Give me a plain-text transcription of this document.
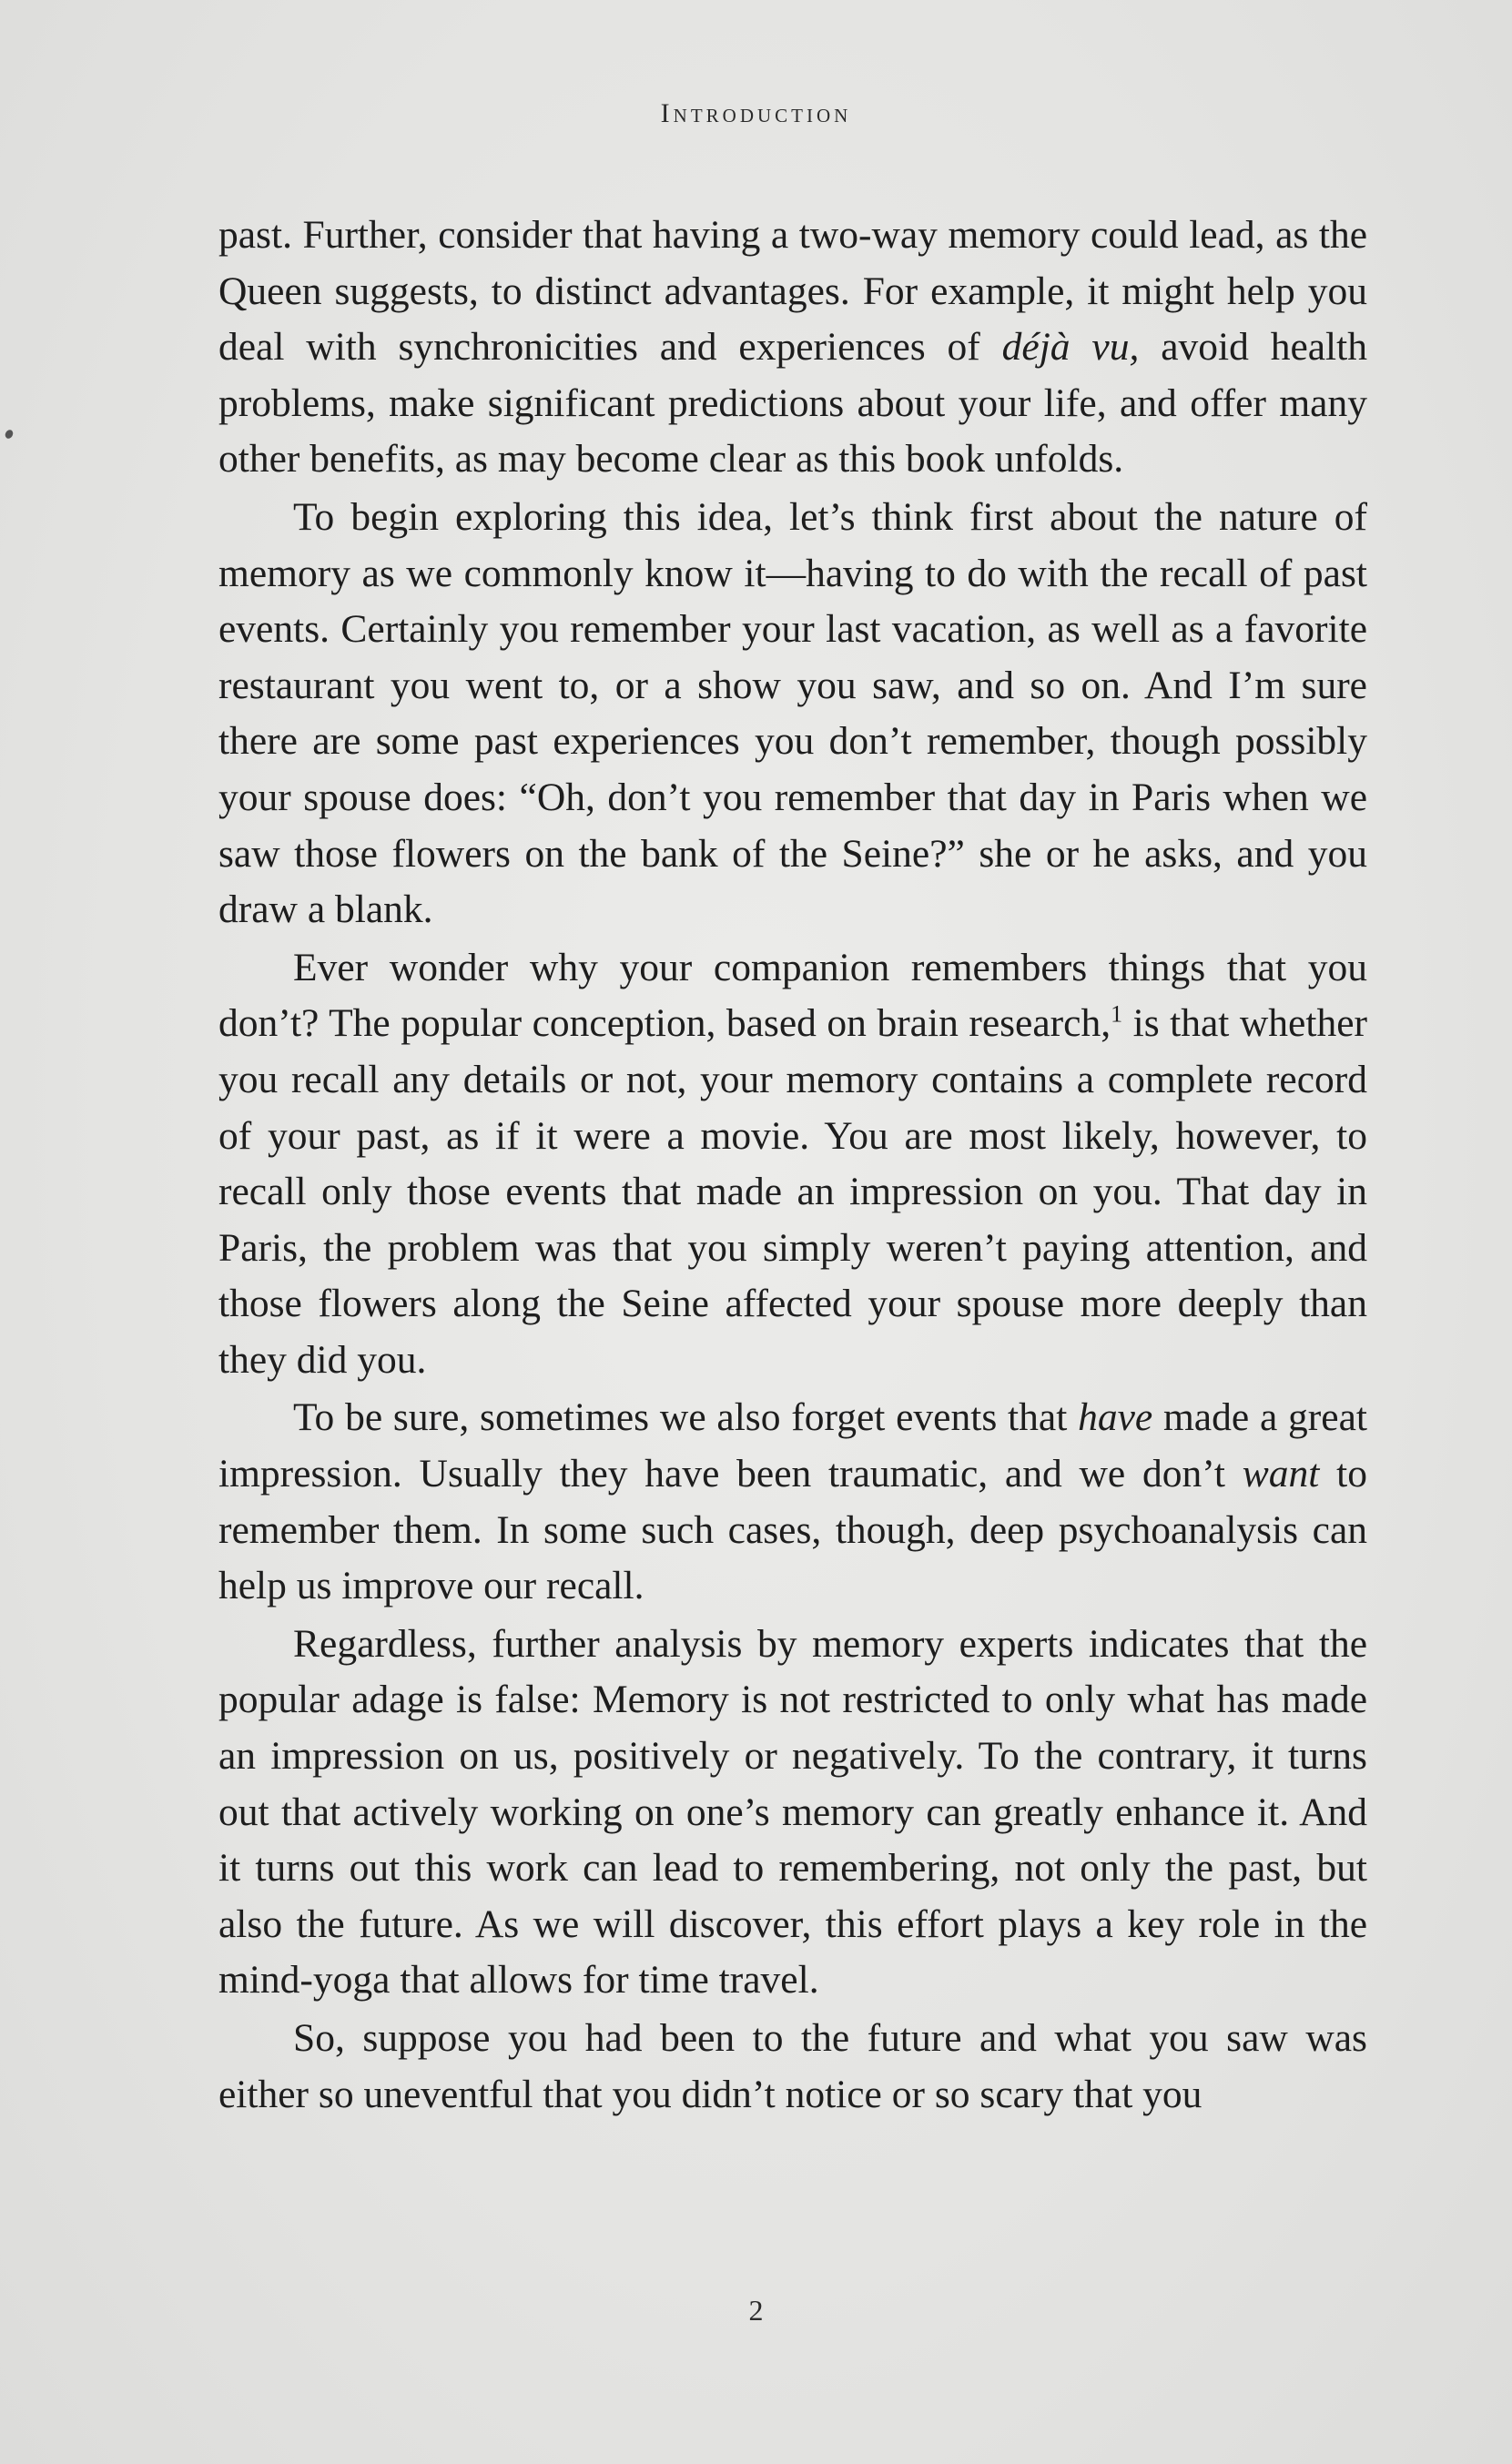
Introduction

past. Further, consider that having a two-way memory could lead, as the Queen suggests, to distinct advantages. For example, it might help you deal with synchronicities and experiences of déjà vu, avoid health problems, make significant predictions about your life, and offer many other benefits, as may become clear as this book unfolds.

To begin exploring this idea, let’s think first about the nature of memory as we commonly know it—having to do with the recall of past events. Certainly you remember your last vacation, as well as a favorite restaurant you went to, or a show you saw, and so on. And I’m sure there are some past experiences you don’t remember, though possibly your spouse does: “Oh, don’t you remember that day in Paris when we saw those flowers on the bank of the Seine?” she or he asks, and you draw a blank.

Ever wonder why your companion remembers things that you don’t? The popular conception, based on brain research,$^1$ is that whether you recall any details or not, your memory contains a complete record of your past, as if it were a movie. You are most likely, however, to recall only those events that made an impression on you. That day in Paris, the problem was that you simply weren’t paying attention, and those flowers along the Seine affected your spouse more deeply than they did you.

To be sure, sometimes we also forget events that have made a great impression. Usually they have been traumatic, and we don’t want to remember them. In some such cases, though, deep psychoanalysis can help us improve our recall.

Regardless, further analysis by memory experts indicates that the popular adage is false: Memory is not restricted to only what has made an impression on us, positively or negatively. To the contrary, it turns out that actively working on one’s memory can greatly enhance it. And it turns out this work can lead to remembering, not only the past, but also the future. As we will discover, this effort plays a key role in the mind-yoga that allows for time travel.

So, suppose you had been to the future and what you saw was either so uneventful that you didn’t notice or so scary that you

2
